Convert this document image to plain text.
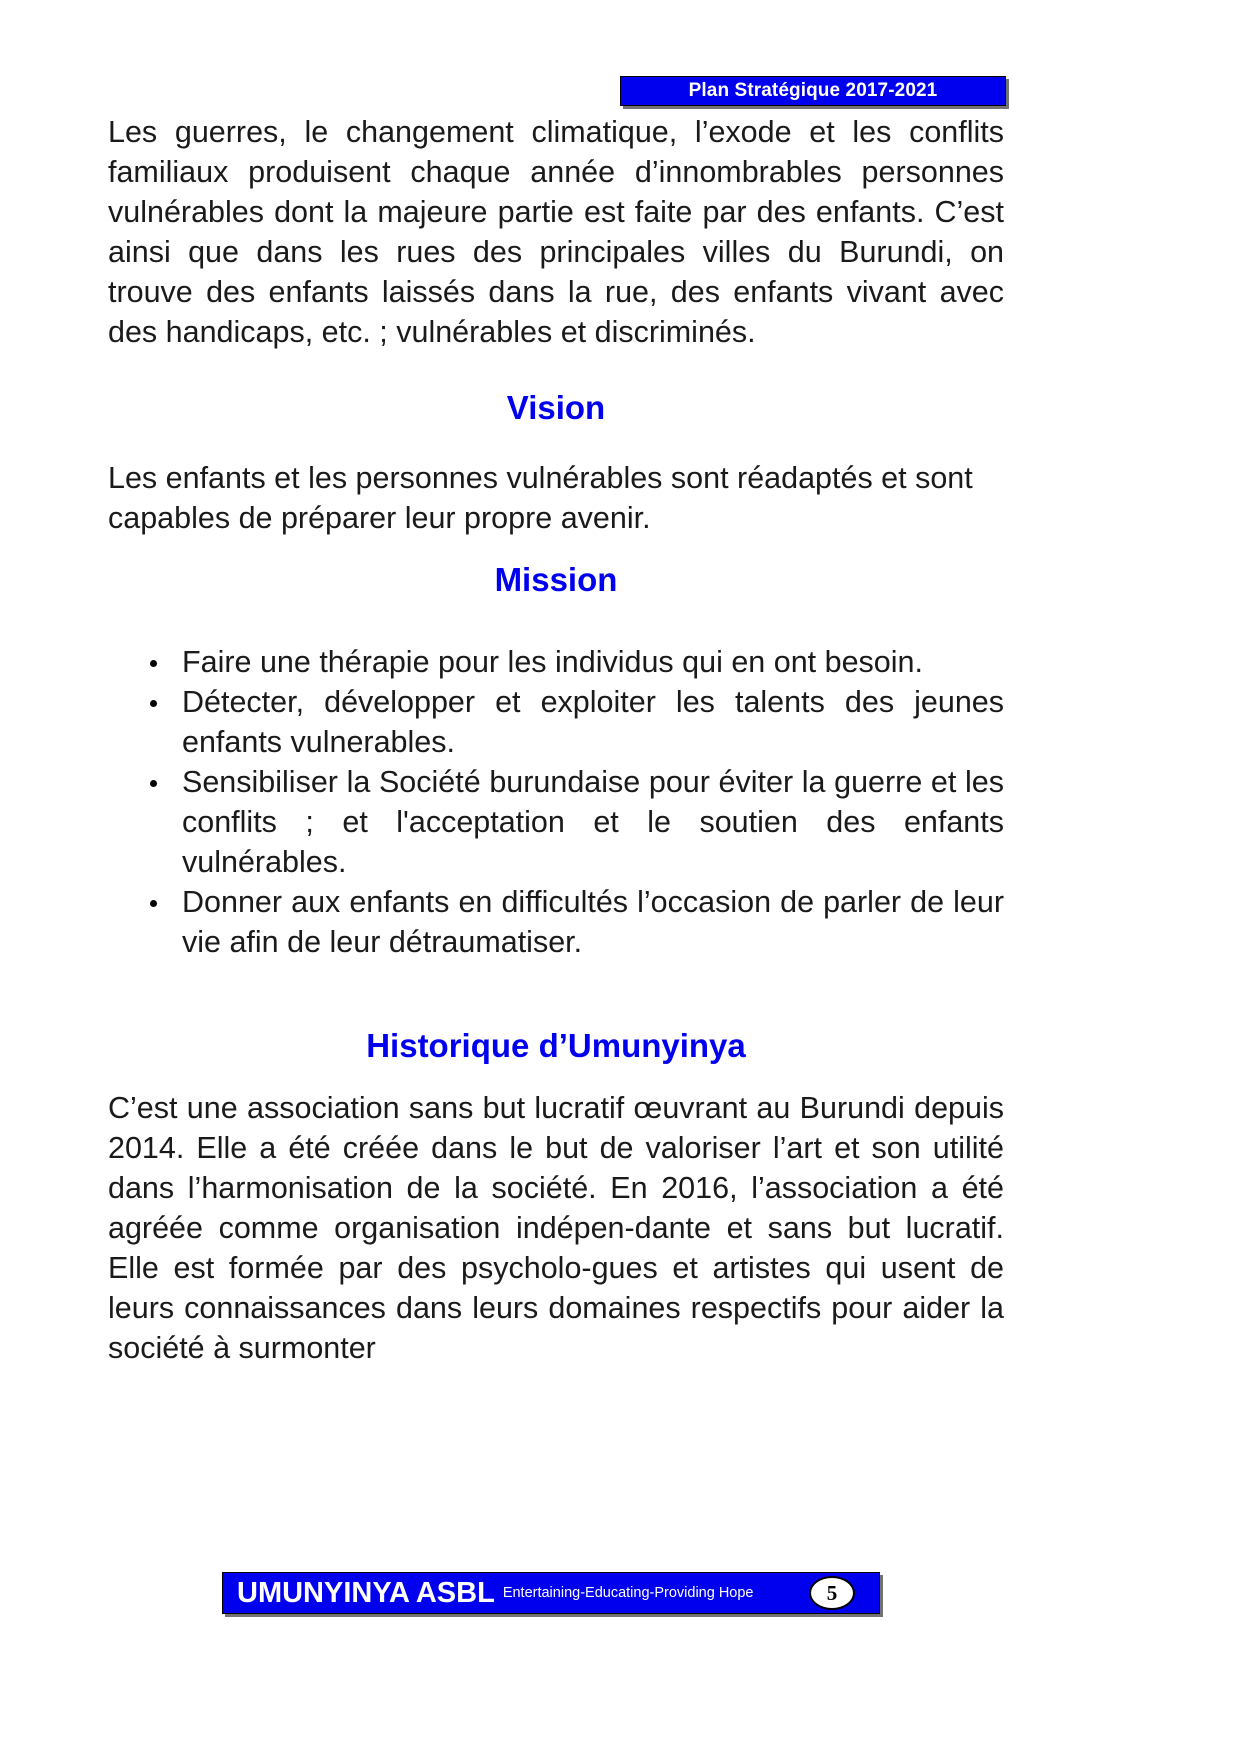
Plan Stratégique 2017-2021

Les guerres, le changement climatique, l’exode et les conflits familiaux produisent chaque année d’innombrables personnes vulnérables dont la majeure partie est faite par des enfants. C’est ainsi que dans les rues des principales villes du Burundi, on trouve des enfants laissés dans la rue, des enfants vivant avec des handicaps, etc. ; vulnérables et discriminés.

Vision

Les enfants et les personnes vulnérables sont réadaptés et sont capables de préparer leur propre avenir.

Mission
Faire une thérapie pour les individus qui en ont besoin.
Détecter, développer et exploiter les talents des jeunes enfants vulnerables.
Sensibiliser la Société burundaise pour éviter la guerre et les conflits ; et l'acceptation et le soutien des enfants vulnérables.
Donner aux enfants en difficultés l’occasion de parler de leur vie afin de leur détraumatiser.
Historique d’Umunyinya

C’est une association sans but lucratif œuvrant au Burundi depuis 2014. Elle a été créée dans le but de valoriser l’art et son utilité dans l’harmonisation de la société. En 2016, l’association a été agréée comme organisation indépen-dante et sans but lucratif. Elle est formée par des psycholo-gues et artistes qui usent de leurs connaissances dans leurs domaines respectifs pour aider la société à surmonter

UMUNYINYA ASBL Entertaining-Educating-Providing Hope	5
